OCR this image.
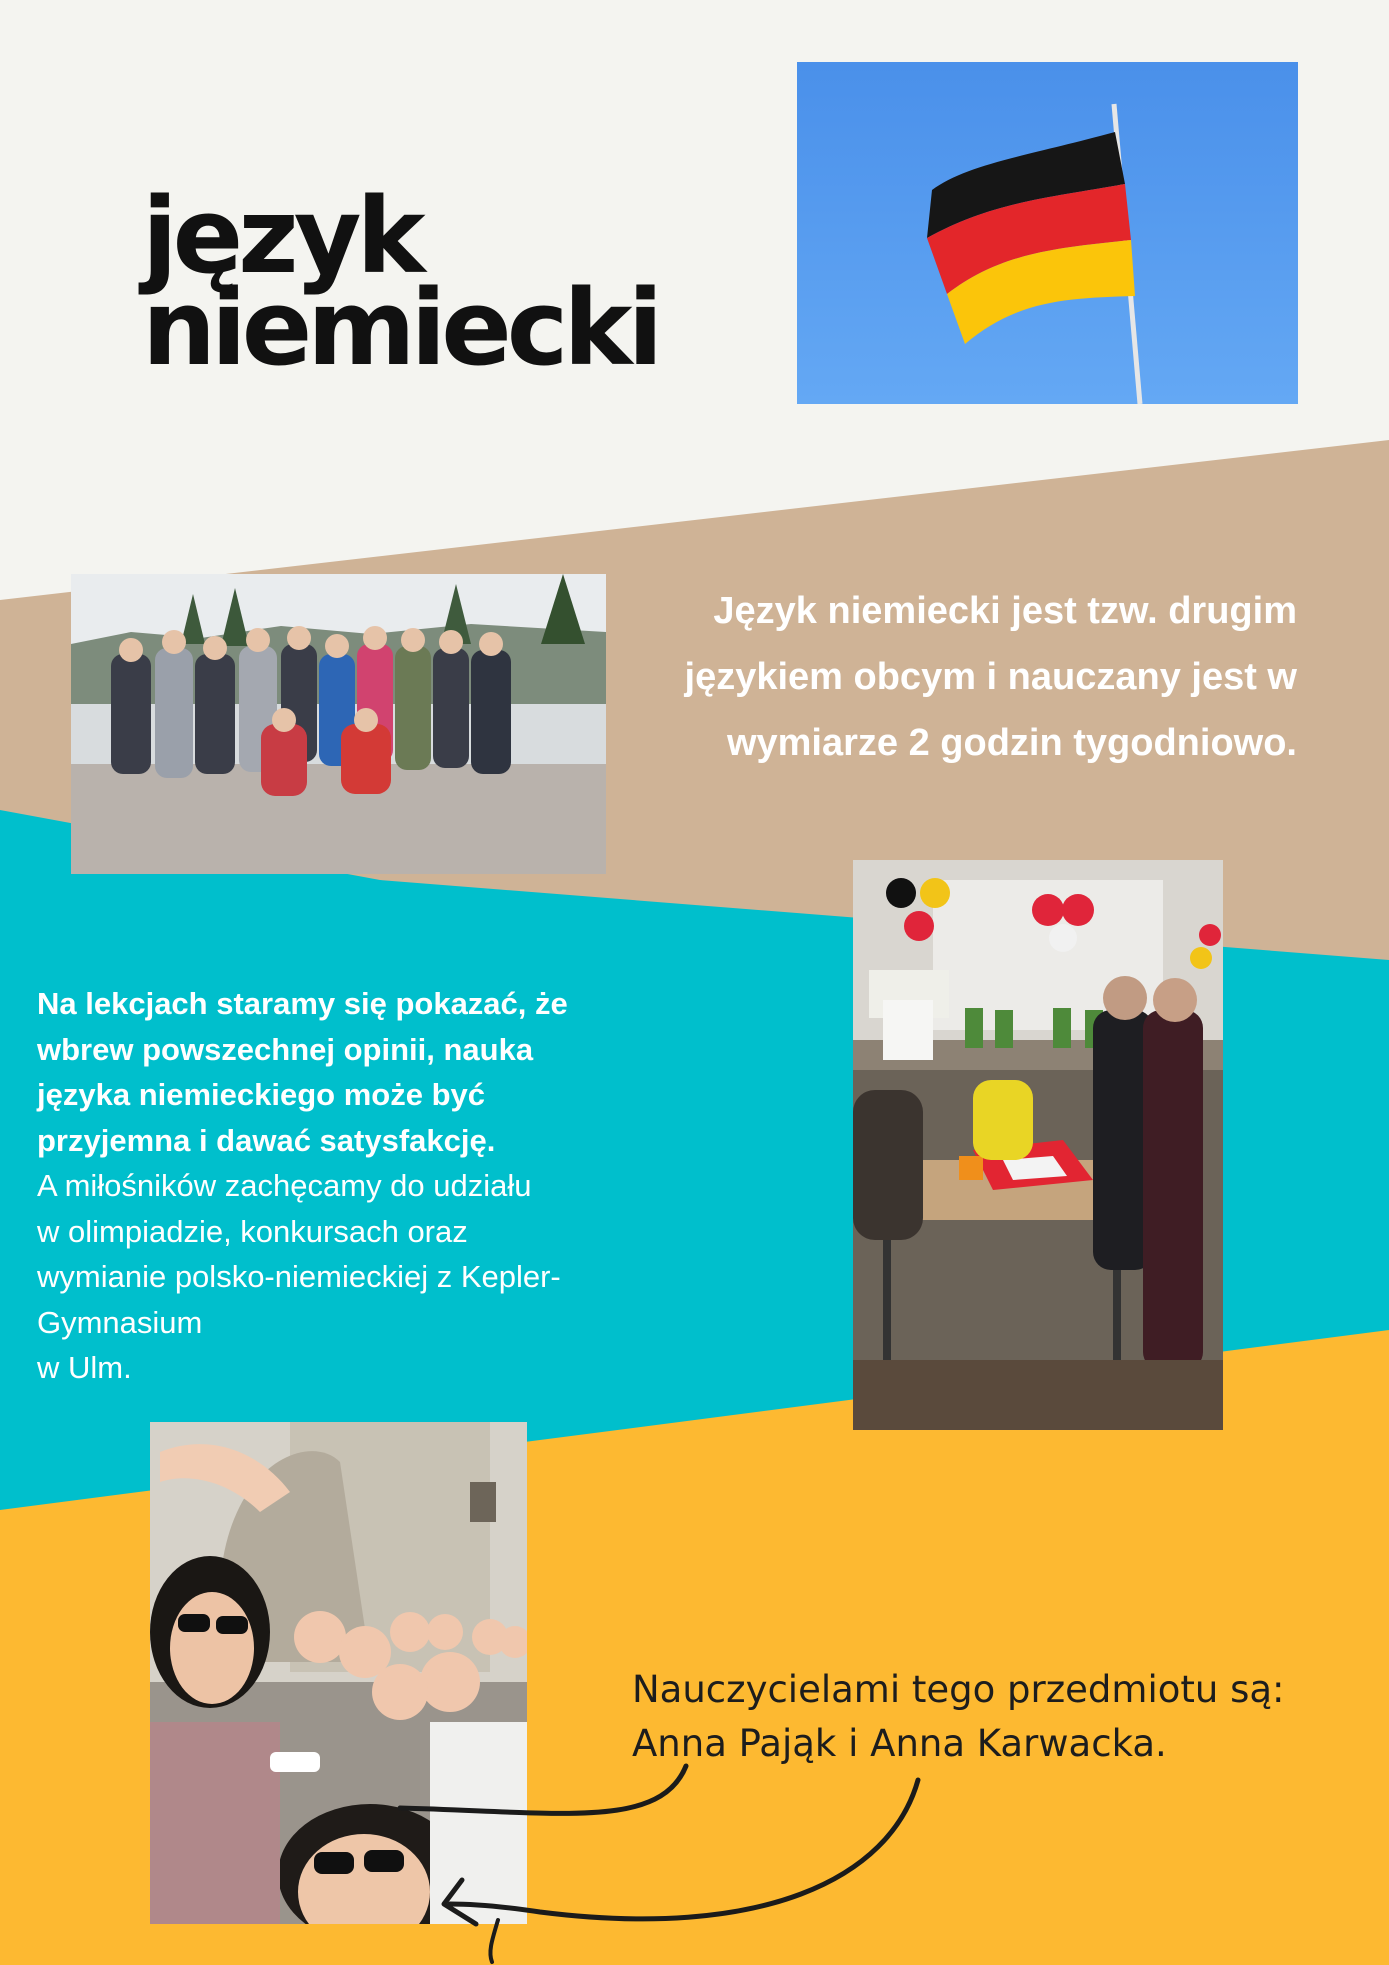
język
niemiecki

Język niemiecki jest tzw. drugim językiem obcym i nauczany jest w wymiarze 2 godzin tygodniowo.

Na lekcjach staramy się pokazać, że wbrew powszechnej opinii, nauka języka niemieckiego może być przyjemna i dawać satysfakcję.

A miłośników zachęcamy do udziału

w olimpiadzie, konkursach oraz

wymianie polsko-niemieckiej z Kepler-Gymnasium

w Ulm.

Nauczycielami tego przedmiotu są:

Anna Pająk i Anna Karwacka.
